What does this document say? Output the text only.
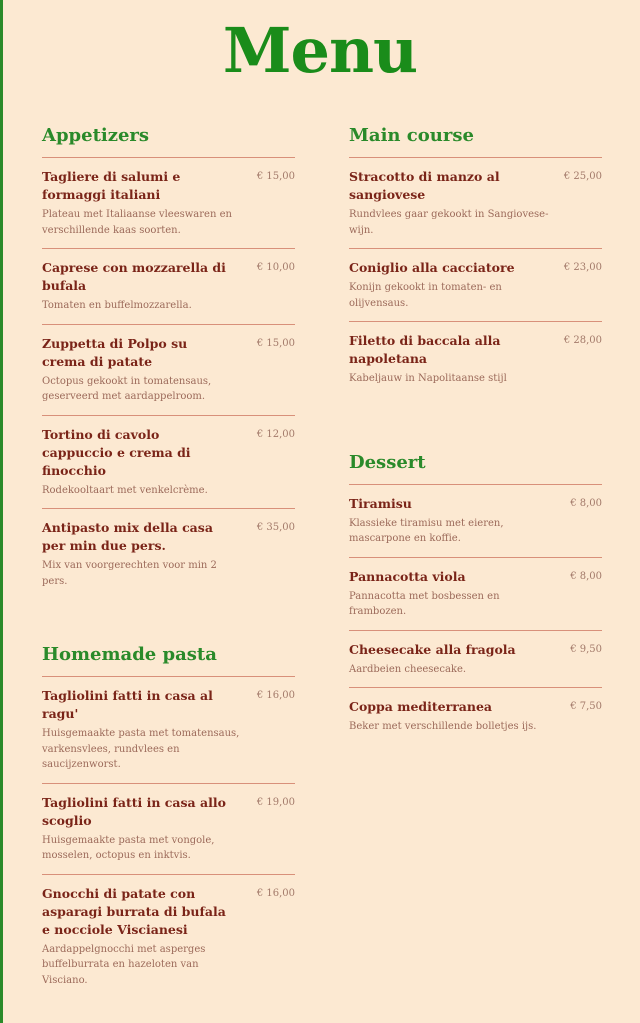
Menu
Appetizers
Tagliere di salumi e formaggi italiani
€ 15,00
Plateau met Italiaanse vleeswaren en verschillende kaas soorten.
Caprese con mozzarella di bufala
€ 10,00
Tomaten en buffelmozzarella.
Zuppetta di Polpo su crema di patate
€ 15,00
Octopus gekookt in tomatensaus, geserveerd met aardappelroom.
Tortino di cavolo cappuccio e crema di finocchio
€ 12,00
Rodekooltaart met venkelcrème.
Antipasto mix della casa per min due pers.
€ 35,00
Mix van voorgerechten voor min 2 pers.
Homemade pasta
Tagliolini fatti in casa al ragu'
€ 16,00
Huisgemaakte pasta met tomatensaus, varkensvlees, rundvlees en saucijzenworst.
Tagliolini fatti in casa allo scoglio
€ 19,00
Huisgemaakte pasta met vongole, mosselen, octopus en inktvis.
Gnocchi di patate con asparagi burrata di bufala e nocciole Viscianesi
€ 16,00
Aardappelgnocchi met asperges buffelburrata en hazeloten van Visciano.
Main course
Stracotto di manzo al sangiovese
€ 25,00
Rundvlees gaar gekookt in Sangiovese-wijn.
Coniglio alla cacciatore	€ 23,00
Konijn gekookt in tomaten- en olijvensaus.
Filetto di baccala alla napoletana
€ 28,00
Kabeljauw in Napolitaanse stijl
Dessert
Tiramisu	€ 8,00
Klassieke tiramisu met eieren, mascarpone en koffie.
Pannacotta viola	€ 8,00
Pannacotta met bosbessen en frambozen.
Cheesecake alla fragola	€ 9,50
Aardbeien cheesecake.
Coppa mediterranea	€ 7,50
Beker met verschillende bolletjes ijs.
